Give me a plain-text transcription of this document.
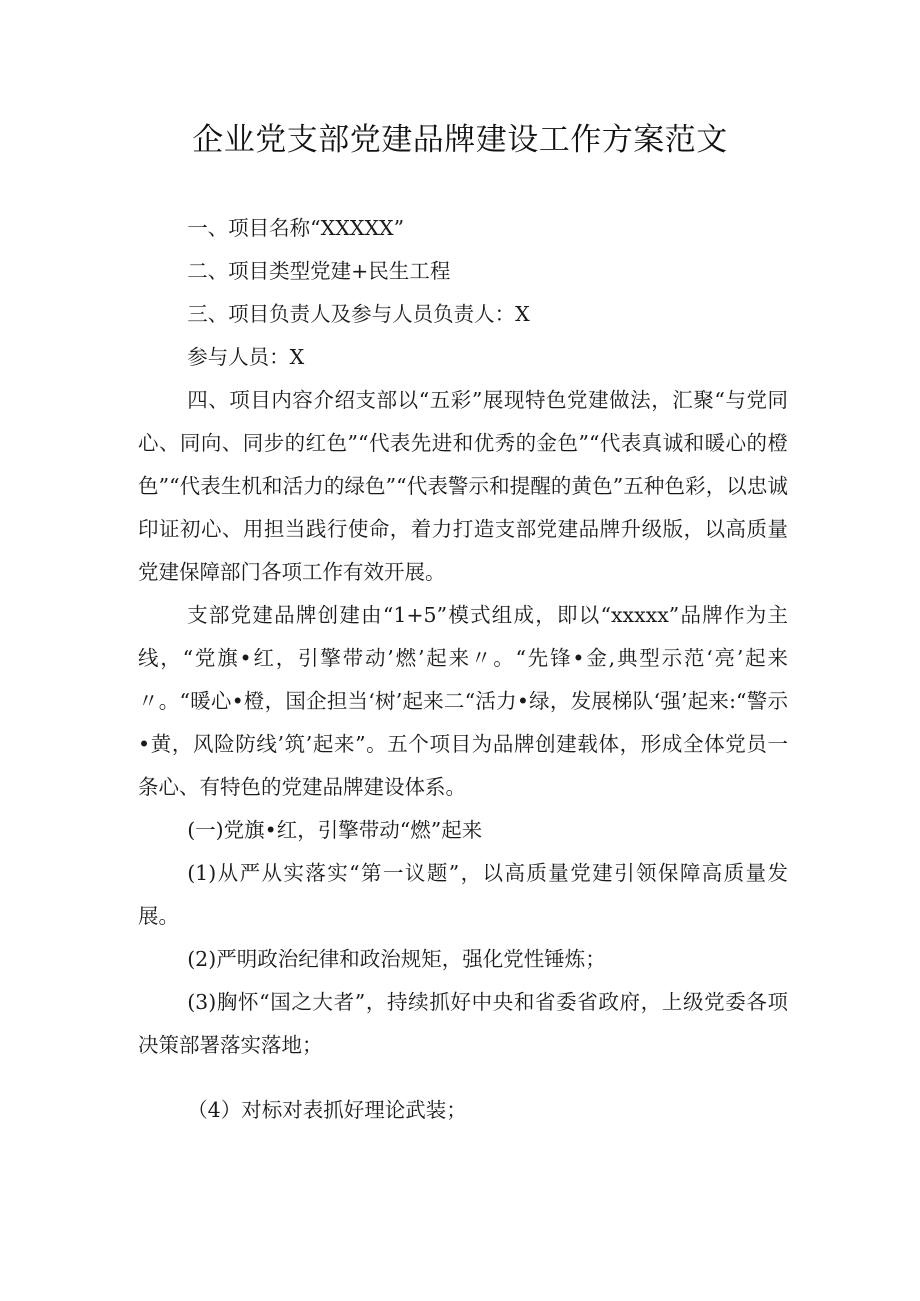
企业党支部党建品牌建设工作方案范文

一、项目名称“XXXXX”

二、项目类型党建+民生工程

三、项目负责人及参与人员负责人：X

参与人员：X

四、项目内容介绍支部以“五彩”展现特色党建做法，汇聚“与党同心、同向、同步的红色”“代表先进和优秀的金色”“代表真诚和暖心的橙色”“代表生机和活力的绿色”“代表警示和提醒的黄色”五种色彩，以忠诚印证初心、用担当践行使命，着力打造支部党建品牌升级版，以高质量党建保障部门各项工作有效开展。

支部党建品牌创建由“1+5”模式组成，即以“xxxxx”品牌作为主线，“党旗•红，引擎带动’燃’起来〃。“先锋•金,典型示范‘亮’起来〃。“暖心•橙，国企担当‘树’起来二“活力•绿，发展梯队‘强’起来:“警示•黄，风险防线’筑’起来”。五个项目为品牌创建载体，形成全体党员一条心、有特色的党建品牌建设体系。

(一)党旗•红，引擎带动“燃”起来

(1)从严从实落实“第一议题”，以高质量党建引领保障高质量发展。

(2)严明政治纪律和政治规矩，强化党性锤炼；

(3)胸怀“国之大者”，持续抓好中央和省委省政府，上级党委各项决策部署落实落地；

（4）对标对表抓好理论武装；
